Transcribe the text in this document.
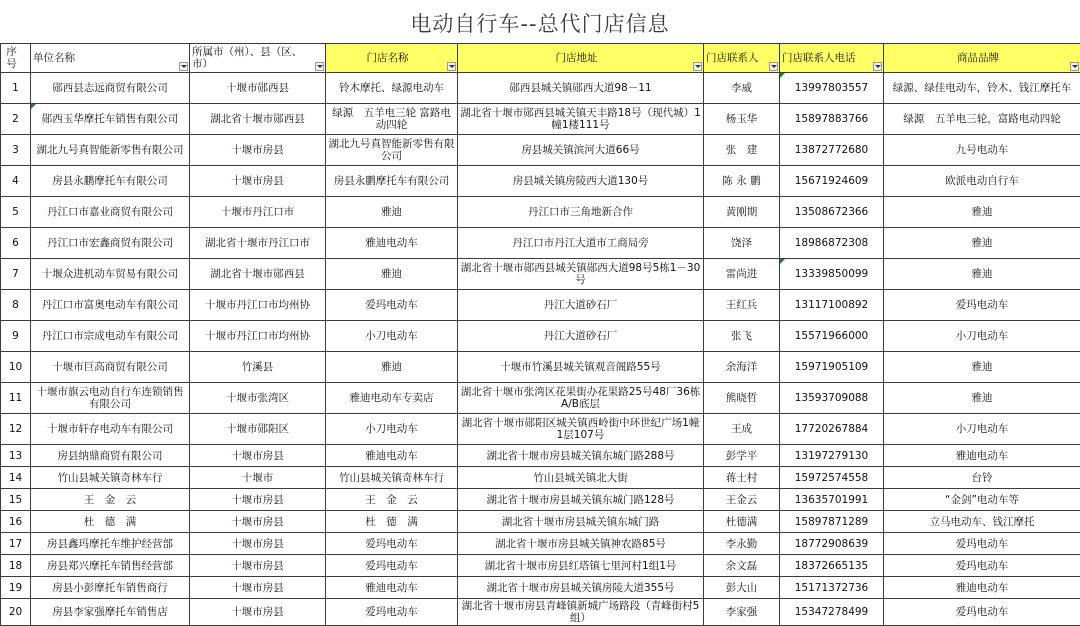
电动自行车--总代门店信息
序号	单位名称	所属市（州）、县（区、市）	门店名称	门店地址	门店联系人	门店联系人电话	商品品牌

1	郧西县志远商贸有限公司	十堰市郧西县	铃木摩托、绿源电动车	郧西县城关镇郧西大道98－11	李威	13997803557	绿源、绿佳电动车，铃木、钱江摩托车
2	郧西玉华摩托车销售有限公司	湖北省十堰市郧西县	绿源　五羊电三轮 富路电动四轮	湖北省十堰市郧西县城关镇天丰路18号（现代城）1幢1楼111号	杨玉华	15897883766	绿源　五羊电三轮，富路电动四轮
3	湖北九号真智能新零售有限公司	十堰市房县	湖北九号真智能新零售有限公司	房县城关镇滨河大道66号	张　建	13872772680	九号电动车
4	房县永鹏摩托车有限公司	十堰市房县	房县永鹏摩托车有限公司	房县城关镇房陵西大道130号	陈 永 鹏	15671924609	欧派电动自行车
5	丹江口市嘉业商贸有限公司	十堰市丹江口市	雅迪	丹江口市三角地新合作	黄刚期	13508672366	雅迪
6	丹江口市宏鑫商贸有限公司	湖北省十堰市丹江口市	雅迪电动车	丹江口市丹江大道市工商局旁	饶泽	18986872308	雅迪
7	十堰众进机动车贸易有限公司	湖北省十堰市郧西县	雅迪	湖北省十堰市郧西县城关镇郧西大道98号5栋1－30号	雷尚进	13339850099	雅迪
8	丹江口市富奥电动车有限公司	十堰市丹江口市均州协	爱玛电动车	丹江大道砂石厂	王红兵	13117100892	爱玛电动车
9	丹江口市宗成电动车有限公司	十堰市丹江口市均州协	小刀电动车	丹江大道砂石厂	张飞	15571966000	小刀电动车
10	十堰市巨高商贸有限公司	竹溪县	雅迪	十堰市竹溪县城关镇观音阁路55号	余海洋	15971905109	雅迪
11	十堰市旗云电动自行车连锁销售有限公司	十堰市张湾区	雅迪电动车专卖店	湖北省十堰市张湾区花果街办花果路25号48厂36栋A/B底层	熊晓哲	13593709088	雅迪
12	十堰市轩存电动车有限公司	十堰市郧阳区	小刀电动车	湖北省十堰市郧阳区城关镇西岭街中环世纪广场1幢1层107号	王成	17720267884	小刀电动车
13	房县纳鼎商贸有限公司	十堰市房县	雅迪电动车	湖北省十堰市房县城关镇东城门路288号	彭学平	13197279130	雅迪电动车
14	竹山县城关镇奇林车行	十堰市	竹山县城关镇奇林车行	竹山县城关镇北大街	蒋士村	15972574558	台铃
15	王　金　云	十堰市房县	王　金　云	湖北省十堰市房县城关镇东城门路128号	王金云	13635701991	“金剑”电动车等
16	杜　德　满	十堰市房县	杜　德　满	湖北省十堰市房县城关镇东城门路	杜德满	15897871289	立马电动车、钱江摩托
17	房县鑫玛摩托车维护经营部	十堰市房县	爱玛电动车	湖北省十堰市房县城关镇神农路85号	李永勤	18772908639	爱玛电动车
18	房县郑兴摩托车销售经营部	十堰市房县	爱玛电动车	湖北省十堰市房县红塔镇七里河村1组1号	余文磊	18372665135	爱玛电动车
19	房县小彭摩托车销售商行	十堰市房县	雅迪电动车	湖北省十堰市房县城关镇房陵大道355号	彭大山	15171372736	雅迪电动车
20	房县李家强摩托车销售店	十堰市房县	爱玛电动车	湖北省十堰市房县青峰镇新城广场路段（青峰街村5组）	李家强	15347278499	爱玛电动车
